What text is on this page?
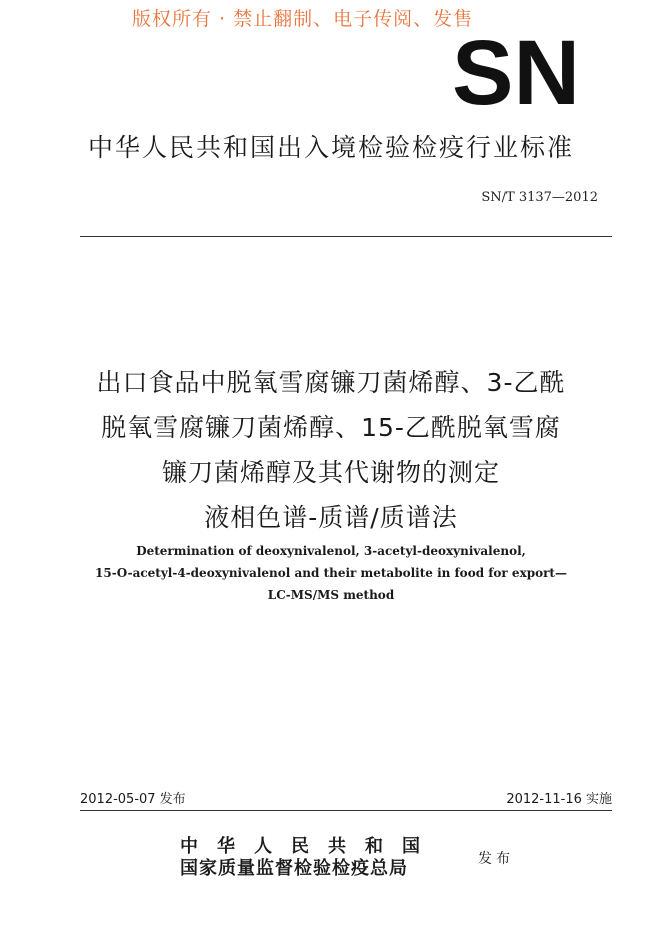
版权所有 · 禁止翻制、电子传阅、发售
SN
中华人民共和国出入境检验检疫行业标准
SN/T 3137—2012
出口食品中脱氧雪腐镰刀菌烯醇、3-乙酰
脱氧雪腐镰刀菌烯醇、15-乙酰脱氧雪腐
镰刀菌烯醇及其代谢物的测定
液相色谱-质谱/质谱法
Determination of deoxynivalenol, 3-acetyl-deoxynivalenol,
15-O-acetyl-4-deoxynivalenol and their metabolite in food for export—
LC-MS/MS method
2012-05-07 发布	2012-11-16 实施
中华人民共和国
国家质量监督检验检疫总局	发布
